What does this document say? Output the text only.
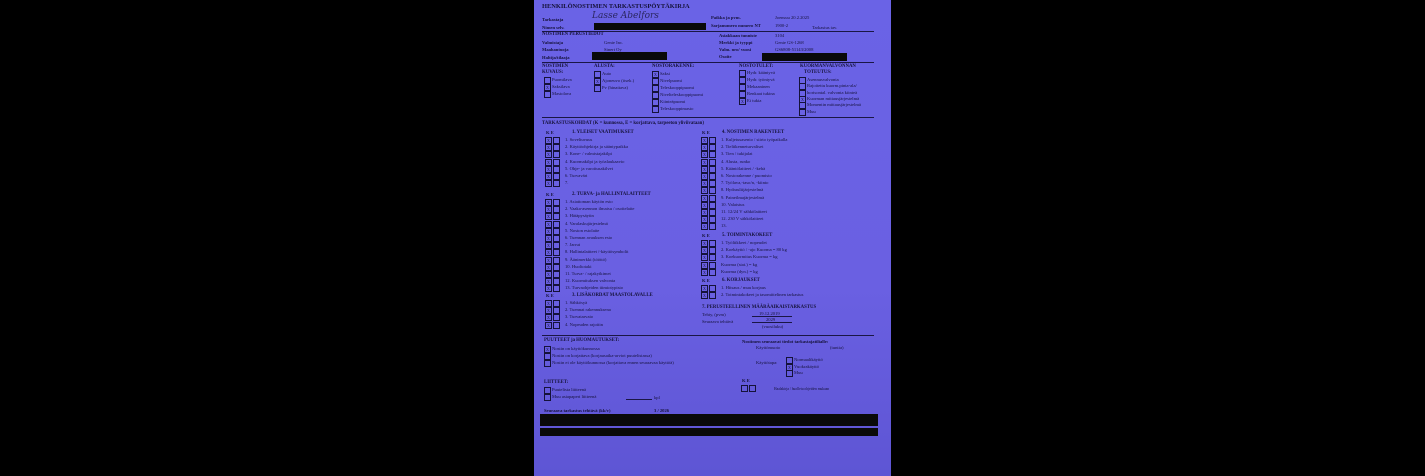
HENKILÖNOSTIMEN TARKASTUSPÖYTÄKIRJA
Tarkastaja	Lasse Abelfors
Nimen selv.
Paikka ja pvm.	Joensuu 20.2.2025
Sarjanumero numero NT	1900-2	Tarkastus tav.
NOSTIMEN PERUSTIEDOT
Valmistaja	Genie Inc.
Maahantuoja	Sinert Oy
Haltija/tilaaja
Asiakkaan tunniste	3104
Merkki ja tyyppi	Genie GS-1268
Valm. nro/ vuosi	GS6808-51143/2008
Osoite
NOSTIMEN
KUVAUS:
Puomilava
X Saksilava
Mastolava
ALUSTA:
Auto
X Ajoneuvo (itsek.)
Pv (hinattava)
NOSTORAKENNE:
X Saksi
Nivelpuomi
Teleskooppipuomi
Nivelteleskooppipuomi
Kiinteäpuomi
Teleskooppimasto
NOSTOTULET:
Hydr. kääntyvä
Hydr. työntyvä
Mekaaninen
Renkaat tukina
X Ei tukia
KUORMANVALVONNAN
TOTEUTUS:
Asennusvalvonta
Rajoitettu kuorm.pinta-ala/
horisontal. valvonta kiinteä
X Kuorman mittausjärjestelmä
Momentin mittausjärjestelmä
Muu
TARKASTUSKOHDAT (K = kunnossa, E = korjattava, tarpeeton yliviivataan)
K E	1. YLEISET VAATIMUKSET
X	1. Soveltuvuus
X	2. Käyttöohjekirja ja sääntypaikka
X	3. Kone- / valmistajakilpi
X	4. Kuormakilpi ja työalaukaavio
X	5. Ohje- ja varoitusakilvet
X	6. Turvaväri
X	7.
K E	2. TURVA- ja HALLINTALAITTEET
X	1. Asiattoman käytön esto
X	2. Vaaka-asennon ilmaisu / osoitelaite
X	3. Hätäpysäytin
X	4. Varalaskujärjestelmä
X	5. Noston estolaite
X	6. Tuennan avauksen esto
X	7. Jarrut
X	8. Hallintalaitteet /-käyttösymbolit
X	9. Äänimerkki (tööttö)
X	10. Huoltotaki
X	11. Turva- / rajakytkimet
X	12. Kuormituksen valvonta
X	13. Turvaohjeiden tiimiotypisto
K E	3. LISÄKORDAT MAASTOLAVALLE
X	1. Sähkösyä
X	2. Tuennat rakennuksena
X	3. Turvatarvaio
X	4. Nopeuden rajoitin
K E	4. NOSTIMEN RAKENTEET
X	1. Kuljetusasento / siirto työpaikalla
X	2. Tieliikenneturvaliset
X	3. Tien / tukijalat
X	4. Alusta, runko
X	5. Kääntölaitteet / -kehä
X	6. Nostorakenne / puomisto
X	7. Työlava,-taso/n, -kiinto
X	8. Hydrauliijärjestelmä
X	9. Paineilmajärjestelmä
X	10. Valaistus
X	11. 12/24 V sähkölaitteet
X	12. 230 V sähkölaitteet
X	13.
K E	5. TOIMINTAKOKEET
X	1. Työliikkeet / nopeudet
X	2. Koekäyttö / -ajo Kuorma = 80 kg
X	3. Koekuormitus Kuorma = kg
X	Kuorma (stat.) = kg
X	Kuorma (dyn.) = kg
K E	6. KORJAUKSET
X	1. Hitsaus / muu korjaus
X	2. Toimintakokeet ja tasomittelinen tarkastus
7. PERUSTEELLINEN MÄÄRÄAIKAISTARKASTUS
Tehty, (pvm)	19.12.2019
Seuraava tehtävä	2029
(vuosiluku)
PUUTTEET ja HUOMAUTUKSET:
X Nostin on käyttökunnossa
Nostin on korjattava (korjausaika-arviot puutelistassa)
Nostin ei ole käyttökunnossa (korjattava ennen seuraavaa käyttöä)
Nostimen seuraavat tiedot tarkastajatilialle:
Käyttömuoto	(tuntia)
Käyttötapa:
Normaalikäyttö
X Vuokrakäyttö
Muu
LIITTEET:
Puutelista liitteenä
Muu asiapaperi liitteenä	kpl
K E
Haalakirja / huolletu ohjeiden mukaan
Seuraava tarkastus tehtävä (kk/v)	3 / 2026
